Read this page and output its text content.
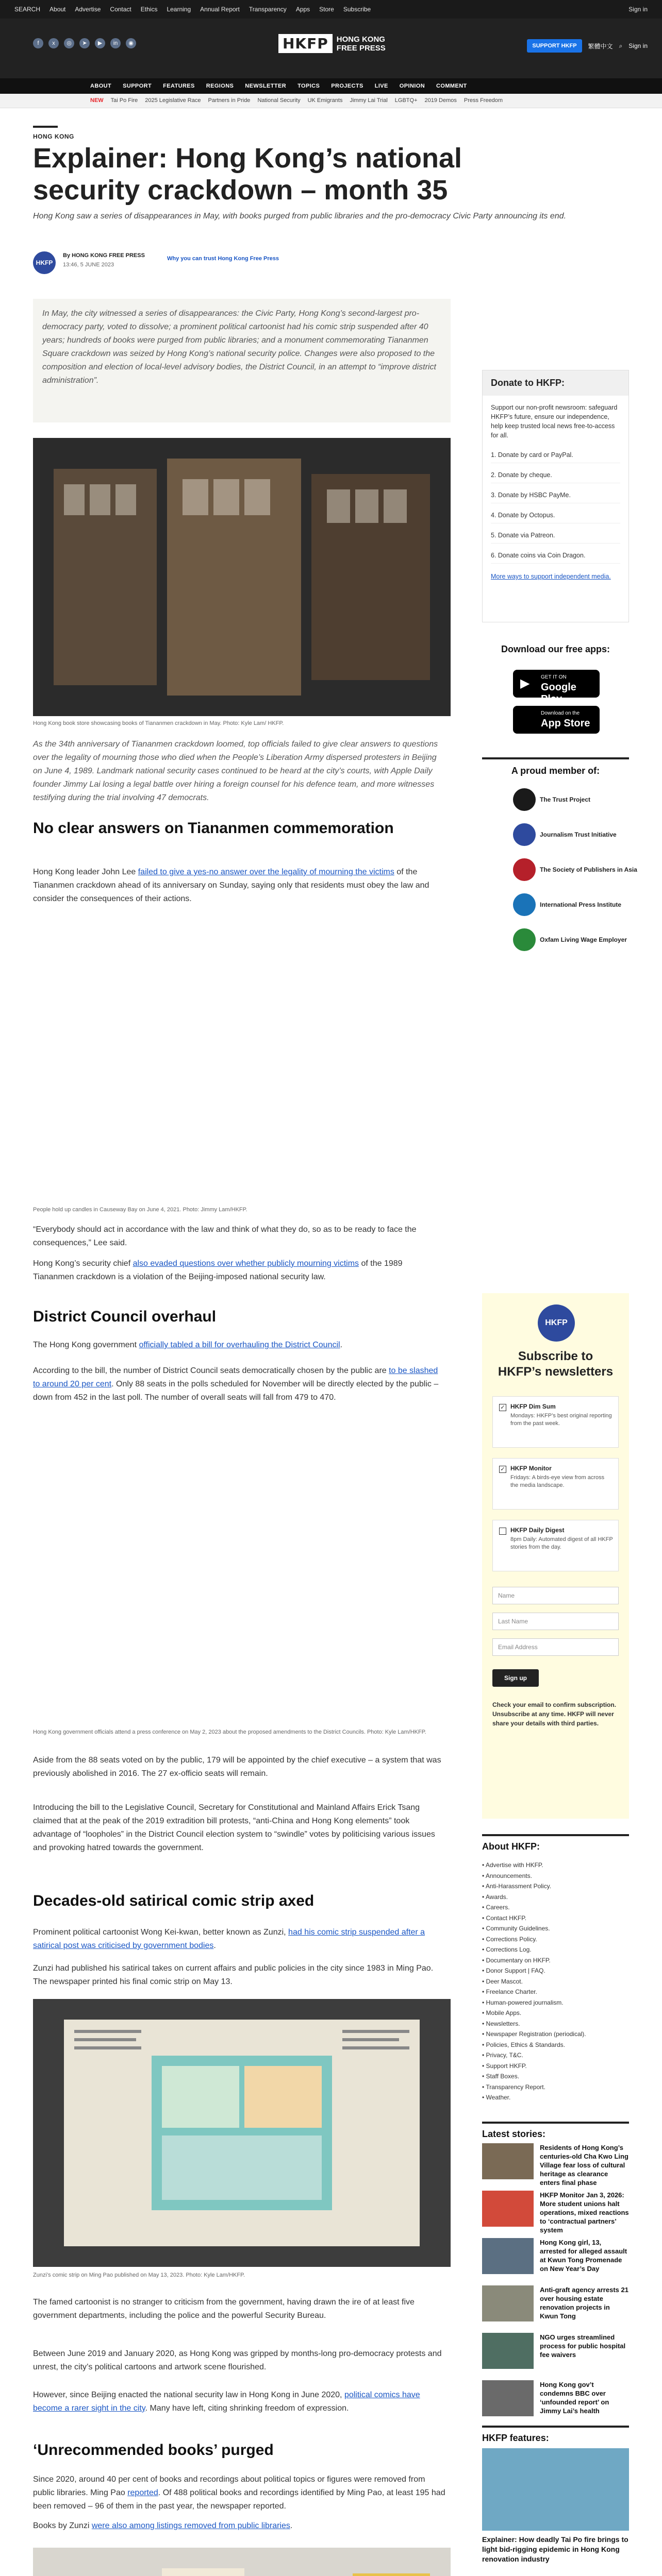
SEARCH About Advertise Contact Ethics Learning Annual Report Transparency Apps Store Subscribe	Sign in
f	x	◎	➤	▶	in	◉	HKFP	HONG KONG FREE PRESS	SUPPORT HKFP	繁體中文 ⌕ Sign in
ABOUT SUPPORT FEATURES REGIONS NEWSLETTER TOPICS PROJECTS LIVE OPINION COMMENT
NEW Tai Po Fire 2025 Legislative Race Partners in Pride National Security UK Emigrants Jimmy Lai Trial LGBTQ+ 2019 Demos Press Freedom
HONG KONG
Explainer: Hong Kong’s national security crackdown – month 35
Hong Kong saw a series of disappearances in May, with books purged from public libraries and the pro-democracy Civic Party announcing its end.
HKFP
By HONG KONG FREE PRESS
13:46, 5 JUNE 2023
Why you can trust Hong Kong Free Press
In May, the city witnessed a series of disappearances: the Civic Party, Hong Kong’s second-largest pro-democracy party, voted to dissolve; a prominent political cartoonist had his comic strip suspended after 40 years; hundreds of books were purged from public libraries; and a monument commemorating Tiananmen Square crackdown was seized by Hong Kong’s national security police. Changes were also proposed to the composition and election of local-level advisory bodies, the District Council, in an attempt to “improve district administration”.	Donate to HKFP:
Support our non-profit newsroom: safeguard HKFP’s future, ensure our independence, help keep trusted local news free-to-access for all.
1. Donate by card or PayPal.
2. Donate by cheque.
3. Donate by HSBC PayMe.
4. Donate by Octopus.
5. Donate via Patreon.
6. Donate coins via Coin Dragon.
More ways to support independent media.
Hong Kong book store showcasing books of Tiananmen crackdown in May. Photo: Kyle Lam/ HKFP.

As the 34th anniversary of Tiananmen crackdown loomed, top officials failed to give clear answers to questions over the legality of mourning those who died when the People’s Liberation Army dispersed protesters in Beijing on June 4, 1989. Landmark national security cases continued to be heard at the city’s courts, with Apple Daily founder Jimmy Lai losing a legal battle over hiring a foreign counsel for his defence team, and more witnesses testifying during the trial involving 47 democrats.

No clear answers on Tiananmen commemoration

Hong Kong leader John Lee failed to give a yes-no answer over the legality of mourning the victims of the Tiananmen crackdown ahead of its anniversary on Sunday, saying only that residents must obey the law and consider the consequences of their actions.

Download our free apps:
▶ GET IT ON
Google Play
Download on the
App Store
A proud member of:
The Trust Project
Journalism Trust Initiative
The Society of Publishers in Asia
International Press Institute
Oxfam Living Wage Employer
People hold up candles in Causeway Bay on June 4, 2021. Photo: Jimmy Lam/HKFP.

“Everybody should act in accordance with the law and think of what they do, so as to be ready to face the consequences,” Lee said.

Hong Kong’s security chief also evaded questions over whether publicly mourning victims of the 1989 Tiananmen crackdown is a violation of the Beijing-imposed national security law.

District Council overhaul

The Hong Kong government officially tabled a bill for overhauling the District Council.

According to the bill, the number of District Council seats democratically chosen by the public are to be slashed to around 20 per cent. Only 88 seats in the polls scheduled for November will be directly elected by the public – down from 452 in the last poll. The number of overall seats will fall from 479 to 470.

HKFP
Subscribe to HKFP’s newsletters
✓ HKFP Dim Sum
Mondays: HKFP’s best original reporting from the past week.
✓ HKFP Monitor
Fridays: A birds-eye view from across the media landscape.
HKFP Daily Digest
8pm Daily: Automated digest of all HKFP stories from the day.
Name
Last Name
Email Address
Sign up
Check your email to confirm subscription. Unsubscribe at any time. HKFP will never share your details with third parties.
Hong Kong government officials attend a press conference on May 2, 2023 about the proposed amendments to the District Councils. Photo: Kyle Lam/HKFP.

Aside from the 88 seats voted on by the public, 179 will be appointed by the chief executive – a system that was previously abolished in 2016. The 27 ex-officio seats will remain.

Introducing the bill to the Legislative Council, Secretary for Constitutional and Mainland Affairs Erick Tsang claimed that at the peak of the 2019 extradition bill protests, “anti-China and Hong Kong elements” took advantage of “loopholes” in the District Council election system to “swindle” votes by politicising various issues and provoking hatred towards the government.

Decades-old satirical comic strip axed

Prominent political cartoonist Wong Kei-kwan, better known as Zunzi, had his comic strip suspended after a satirical post was criticised by government bodies.

Zunzi had published his satirical takes on current affairs and public policies in the city since 1983 in Ming Pao. The newspaper printed his final comic strip on May 13.

About HKFP:
• Advertise with HKFP.
• Announcements.
• Anti-Harassment Policy.
• Awards.
• Careers.
• Contact HKFP.
• Community Guidelines.
• Corrections Policy.
• Corrections Log.
• Documentary on HKFP.
• Donor Support | FAQ.
• Deer Mascot.
• Freelance Charter.
• Human-powered journalism.
• Mobile Apps.
• Newsletters.
• Newspaper Registration (periodical).
• Policies, Ethics & Standards.
• Privacy, T&C.
• Support HKFP.
• Staff Boxes.
• Transparency Report.
• Weather.
Zunzi’s comic strip on Ming Pao published on May 13, 2023. Photo: Kyle Lam/HKFP.
Latest stories:
Residents of Hong Kong’s centuries-old Cha Kwo Ling Village fear loss of cultural heritage as clearance enters final phase
HKFP Monitor Jan 3, 2026: More student unions halt operations, mixed reactions to ‘contractual partners’ system
Hong Kong girl, 13, arrested for alleged assault at Kwun Tong Promenade on New Year’s Day
Anti-graft agency arrests 21 over housing estate renovation projects in Kwun Tong
NGO urges streamlined process for public hospital fee waivers
Hong Kong gov’t condemns BBC over ‘unfounded report’ on Jimmy Lai’s health

The famed cartoonist is no stranger to criticism from the government, having drawn the ire of at least five government departments, including the police and the powerful Security Bureau.

Between June 2019 and January 2020, as Hong Kong was gripped by months-long pro-democracy protests and unrest, the city’s political cartoons and artwork scene flourished.

However, since Beijing enacted the national security law in Hong Kong in June 2020, political comics have become a rarer sight in the city. Many have left, citing shrinking freedom of expression.

‘Unrecommended books’ purged

Since 2020, around 40 per cent of books and recordings about political topics or figures were removed from public libraries. Ming Pao reported. Of 488 political books and recordings identified by Ming Pao, at least 195 had been removed – 96 of them in the past year, the newspaper reported.

Books by Zunzi were also among listings removed from public libraries.

HKFP features:
Explainer: How deadly Tai Po fire brings to light bid-rigging epidemic in Hong Kong renovation industry
